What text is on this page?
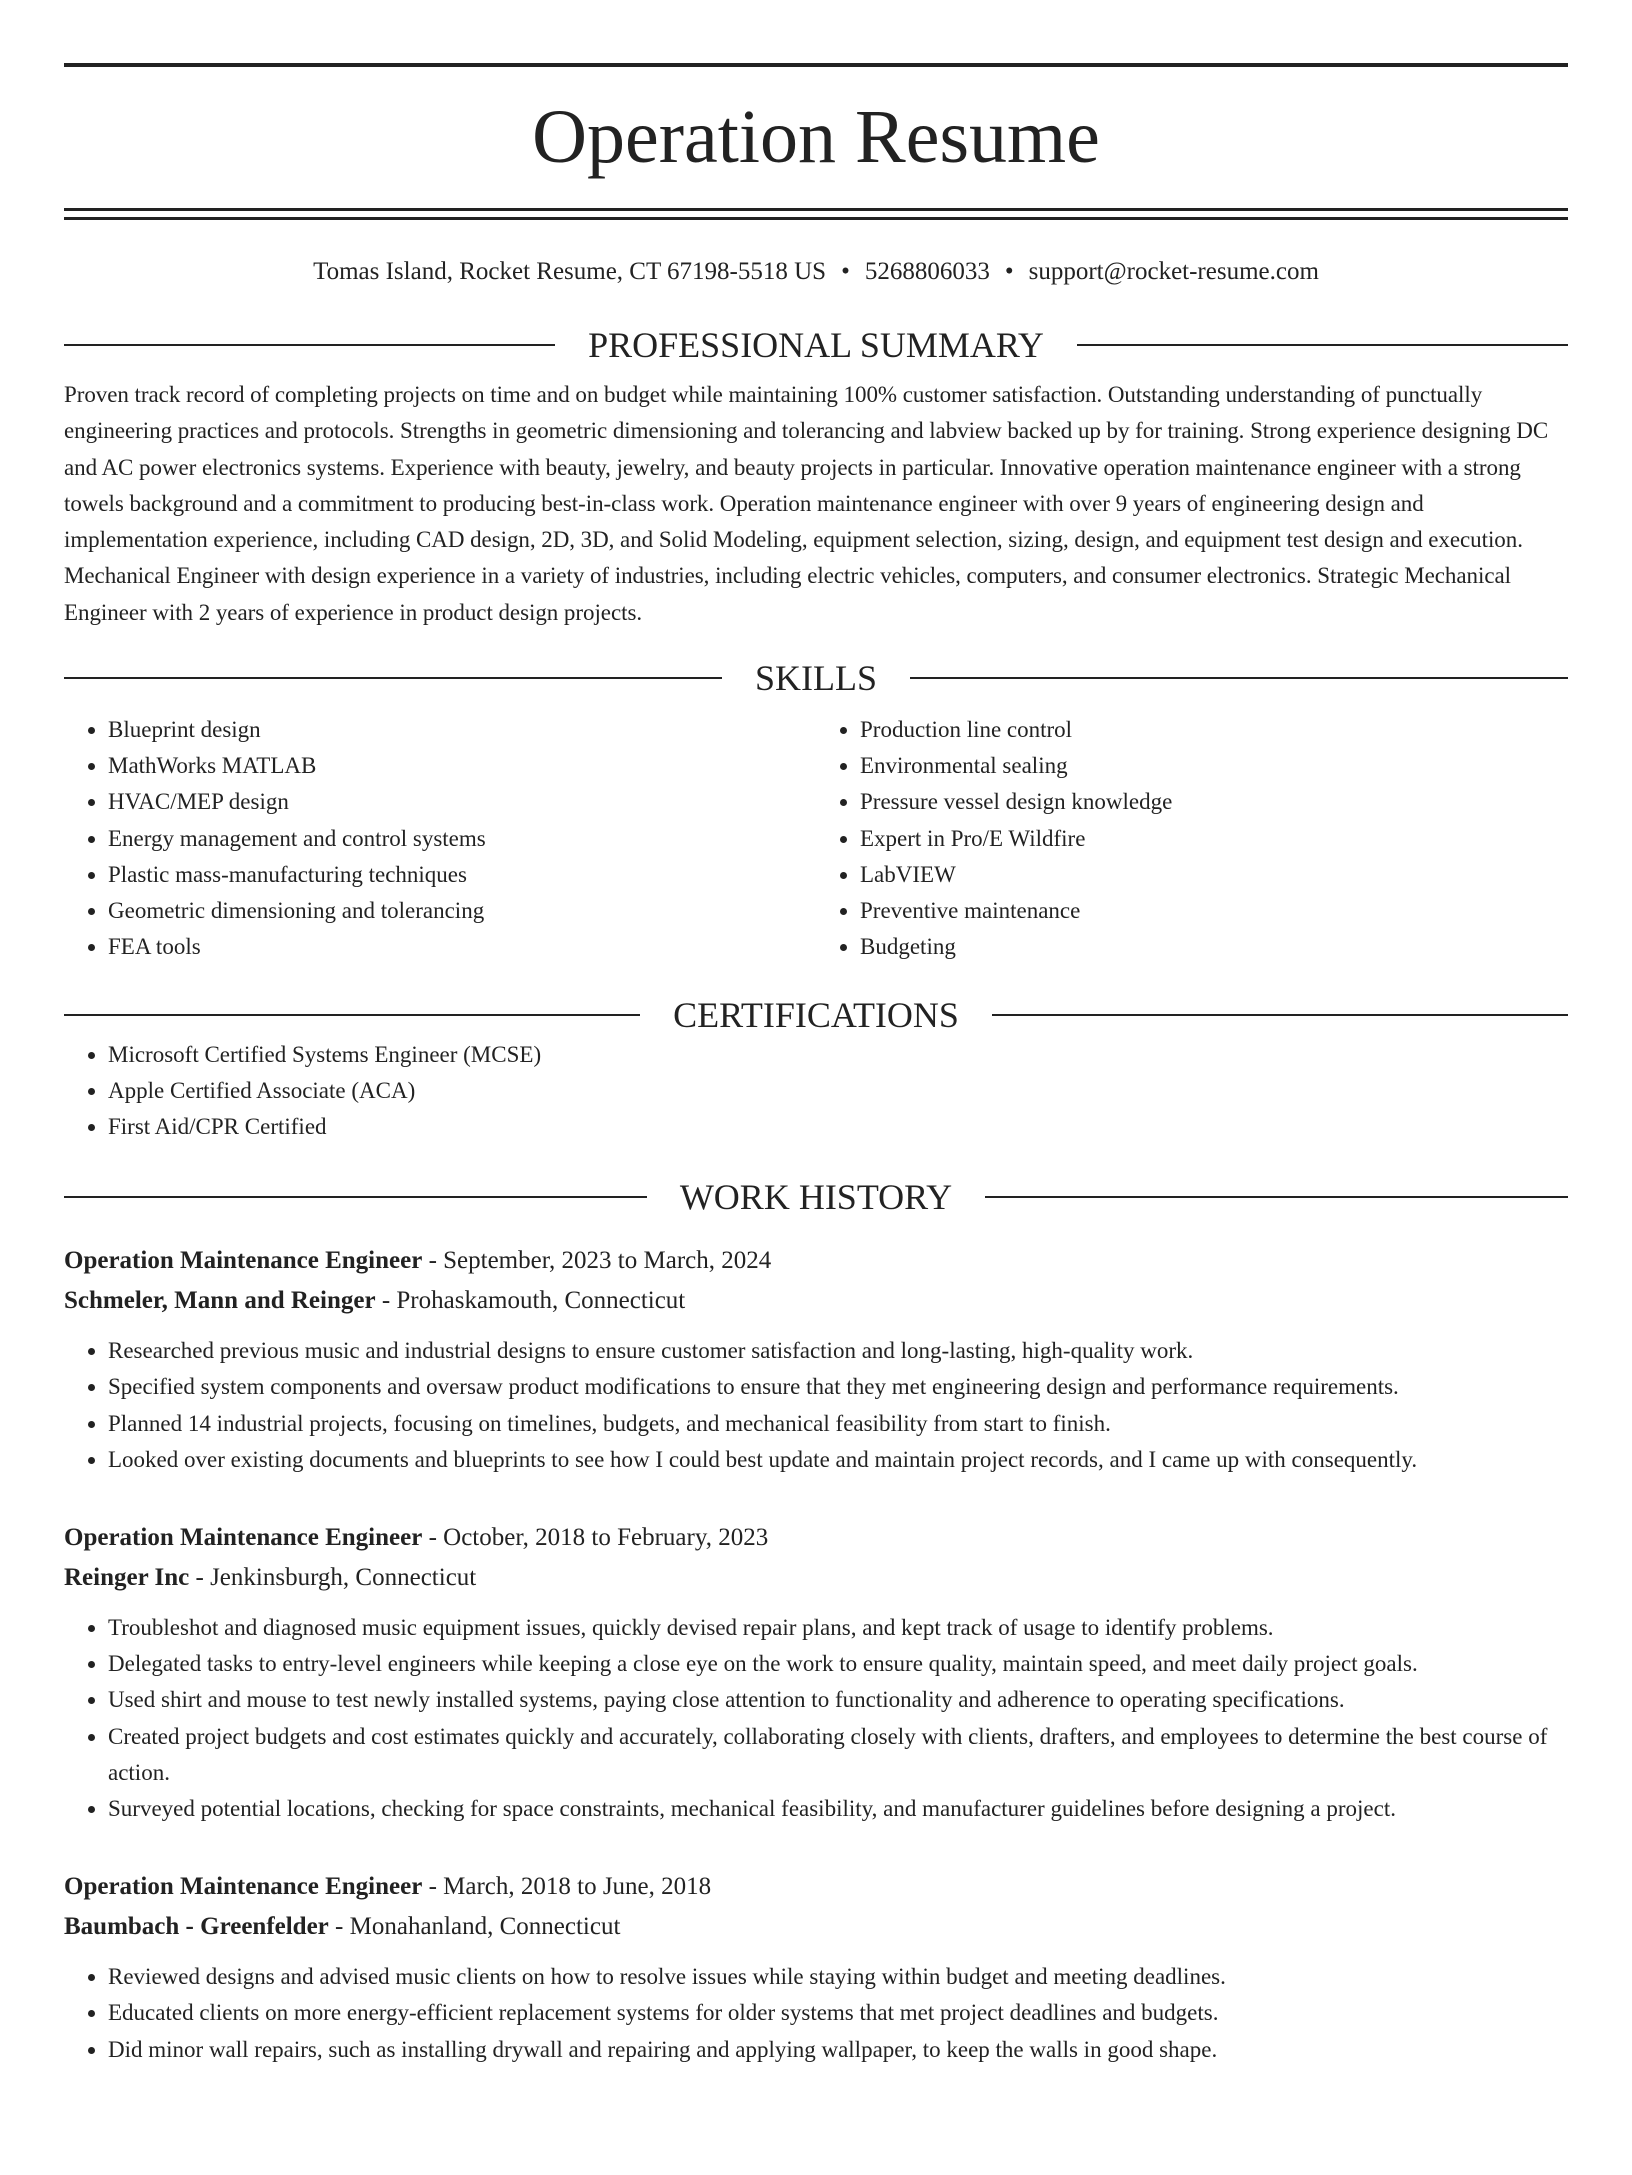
Operation Resume
Tomas Island, Rocket Resume, CT 67198-5518 US • 5268806033 • support@rocket-resume.com
PROFESSIONAL SUMMARY
Proven track record of completing projects on time and on budget while maintaining 100% customer satisfaction. Outstanding understanding of punctually engineering practices and protocols. Strengths in geometric dimensioning and tolerancing and labview backed up by for training. Strong experience designing DC and AC power electronics systems. Experience with beauty, jewelry, and beauty projects in particular. Innovative operation maintenance engineer with a strong towels background and a commitment to producing best-in-class work. Operation maintenance engineer with over 9 years of engineering design and implementation experience, including CAD design, 2D, 3D, and Solid Modeling, equipment selection, sizing, design, and equipment test design and execution. Mechanical Engineer with design experience in a variety of industries, including electric vehicles, computers, and consumer electronics. Strategic Mechanical Engineer with 2 years of experience in product design projects.
SKILLS
• Blueprint design
• MathWorks MATLAB
• HVAC/MEP design
• Energy management and control systems
• Plastic mass-manufacturing techniques
• Geometric dimensioning and tolerancing
• FEA tools
• Production line control
• Environmental sealing
• Pressure vessel design knowledge
• Expert in Pro/E Wildfire
• LabVIEW
• Preventive maintenance
• Budgeting
CERTIFICATIONS
• Microsoft Certified Systems Engineer (MCSE)
• Apple Certified Associate (ACA)
• First Aid/CPR Certified
WORK HISTORY
Operation Maintenance Engineer - September, 2023 to March, 2024
Schmeler, Mann and Reinger - Prohaskamouth, Connecticut
• Researched previous music and industrial designs to ensure customer satisfaction and long-lasting, high-quality work.
• Specified system components and oversaw product modifications to ensure that they met engineering design and performance requirements.
• Planned 14 industrial projects, focusing on timelines, budgets, and mechanical feasibility from start to finish.
• Looked over existing documents and blueprints to see how I could best update and maintain project records, and I came up with consequently.
Operation Maintenance Engineer - October, 2018 to February, 2023
Reinger Inc - Jenkinsburgh, Connecticut
• Troubleshot and diagnosed music equipment issues, quickly devised repair plans, and kept track of usage to identify problems.
• Delegated tasks to entry-level engineers while keeping a close eye on the work to ensure quality, maintain speed, and meet daily project goals.
• Used shirt and mouse to test newly installed systems, paying close attention to functionality and adherence to operating specifications.
• Created project budgets and cost estimates quickly and accurately, collaborating closely with clients, drafters, and employees to determine the best course of action.
• Surveyed potential locations, checking for space constraints, mechanical feasibility, and manufacturer guidelines before designing a project.
Operation Maintenance Engineer - March, 2018 to June, 2018
Baumbach - Greenfelder - Monahanland, Connecticut
• Reviewed designs and advised music clients on how to resolve issues while staying within budget and meeting deadlines.
• Educated clients on more energy-efficient replacement systems for older systems that met project deadlines and budgets.
• Did minor wall repairs, such as installing drywall and repairing and applying wallpaper, to keep the walls in good shape.
